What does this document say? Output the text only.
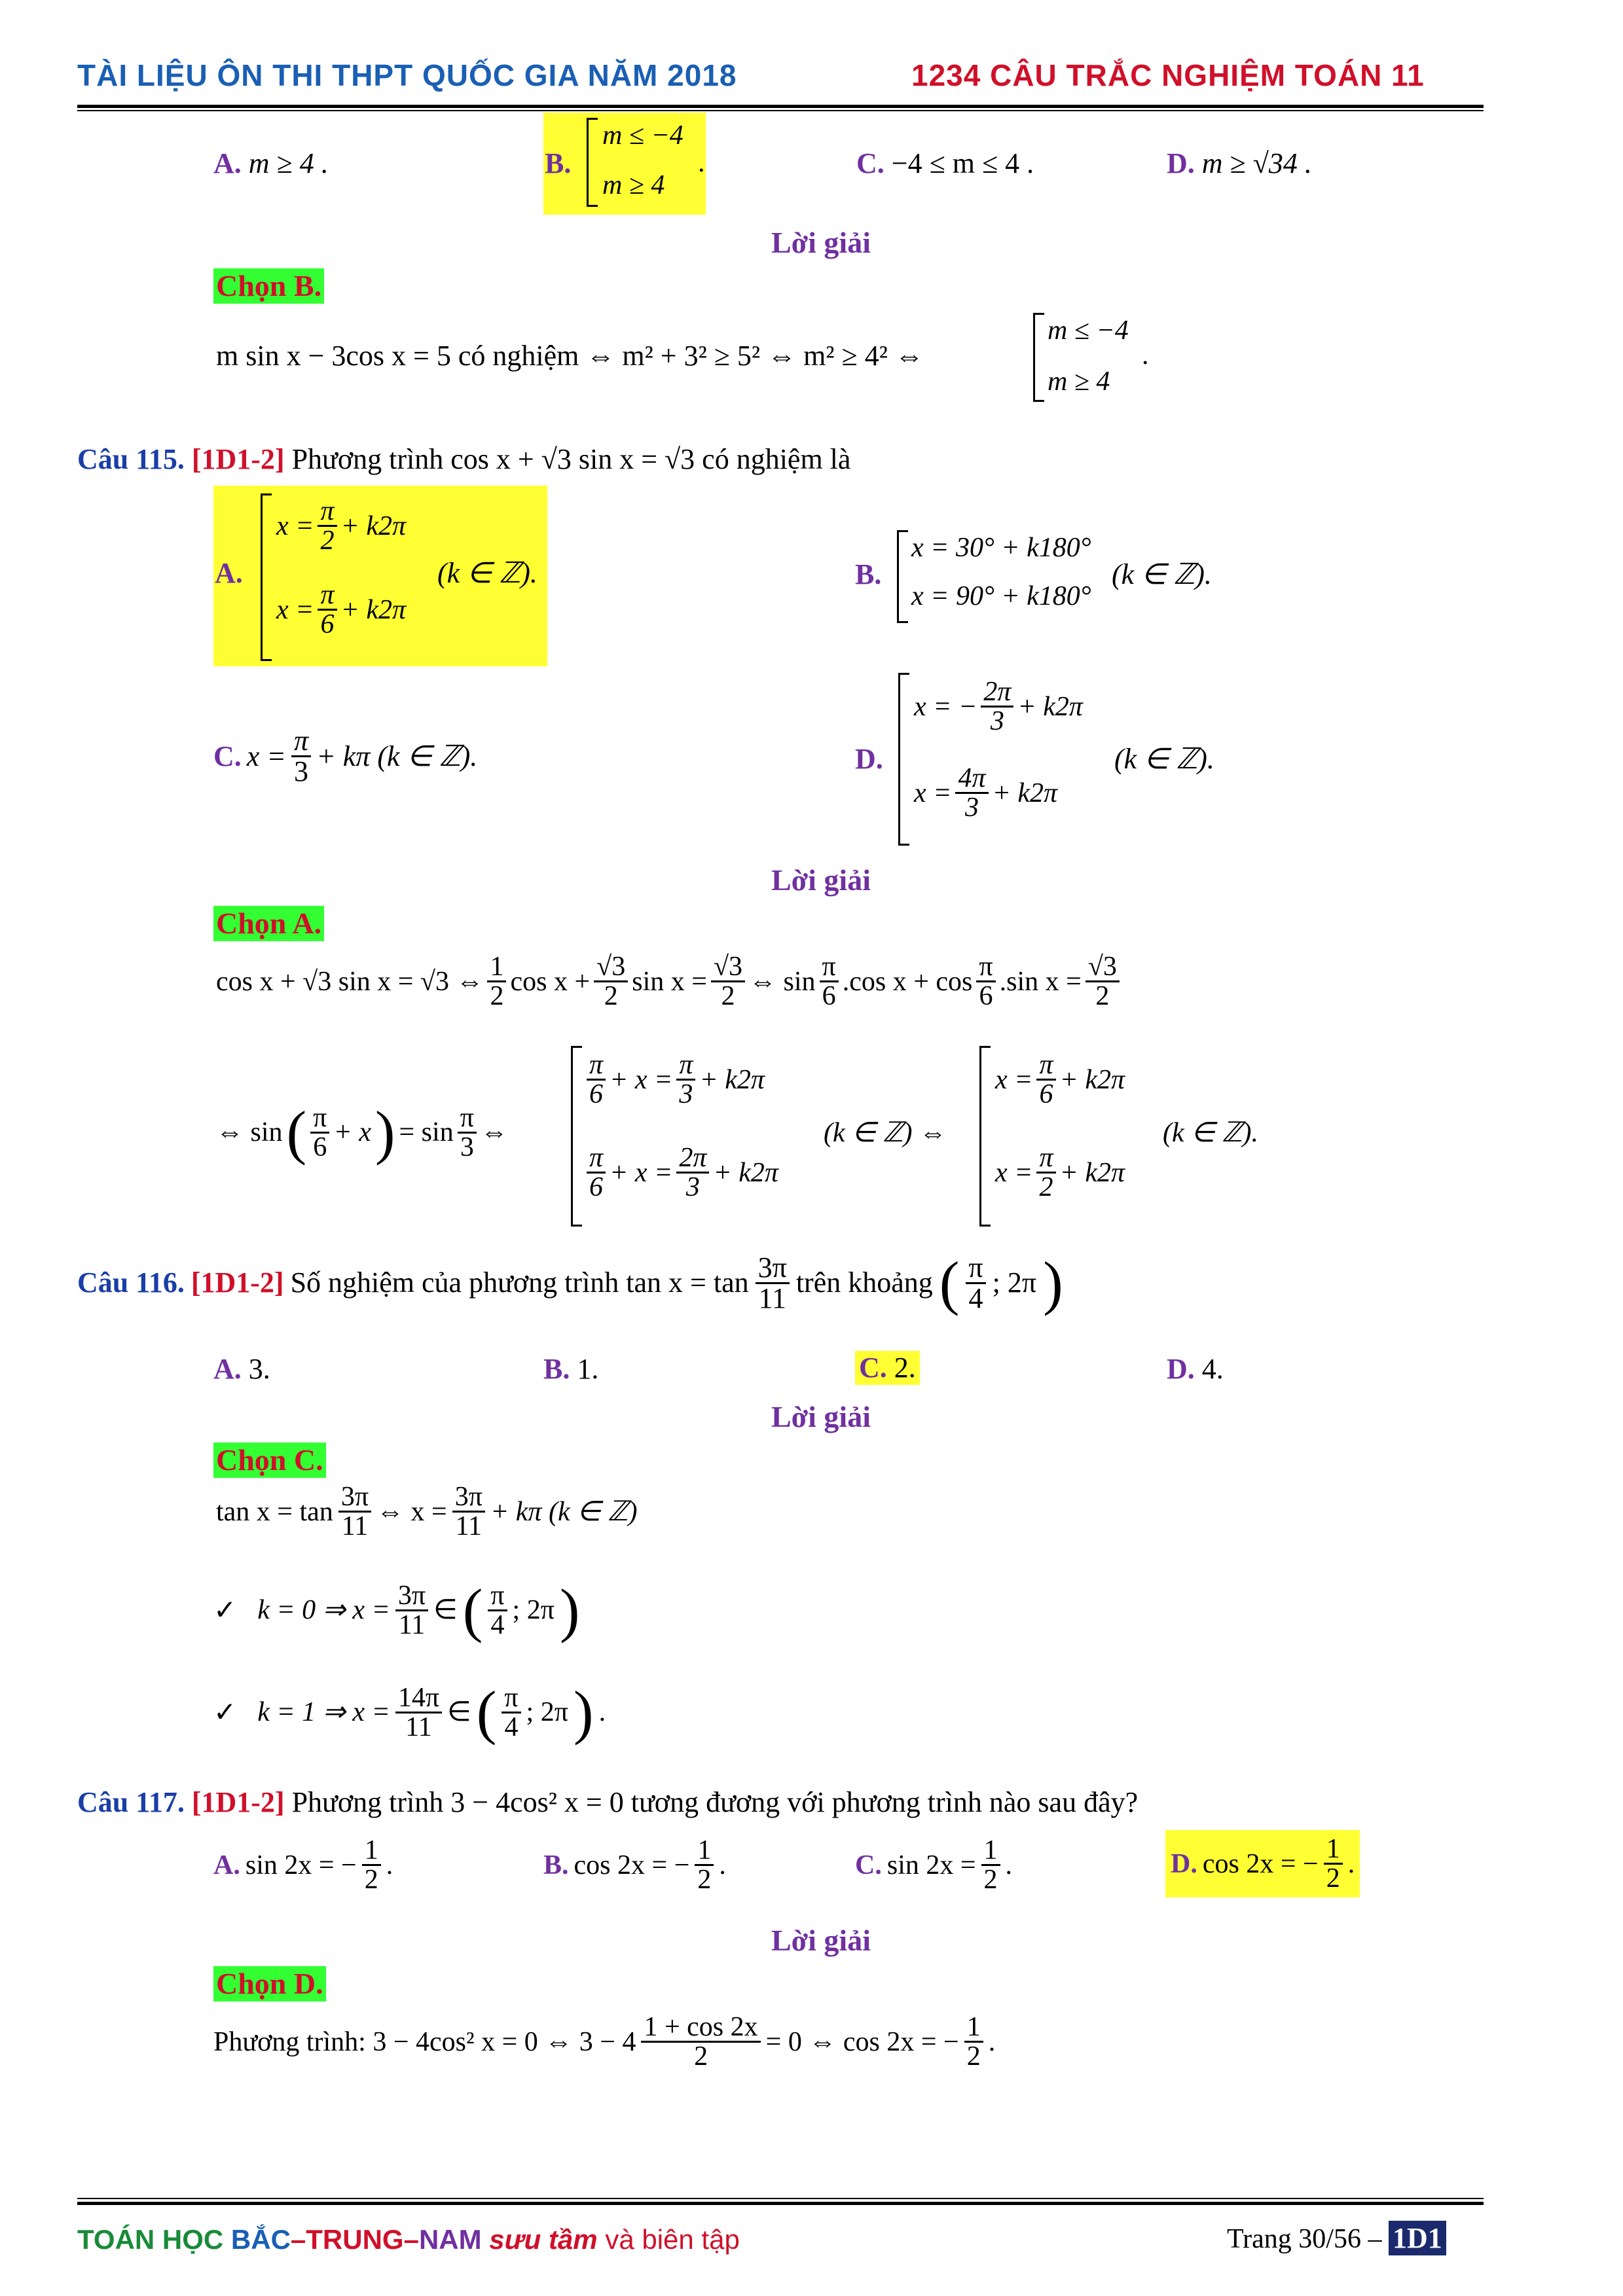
TÀI LIỆU ÔN THI THPT QUỐC GIA NĂM 2018	1234 CÂU TRẮC NGHIỆM TOÁN 11
A. m ≥ 4 .	B.
m ≤ −4
m ≥ 4
.	C. −4 ≤ m ≤ 4 .	D. m ≥ √34 .
Lời giải
Chọn B.
m sin x − 3cos x = 5 có nghiệm ⇔ m² + 3² ≥ 5² ⇔ m² ≥ 4² ⇔
m ≤ −4
m ≥ 4
.
Câu 115. [1D1-2] Phương trình cos x + √3 sin x = √3 có nghiệm là
A.
$x = \frac{\pi}{2} + k2\pi$
$x = \frac{\pi}{6} + k2\pi$
(k ∈ ℤ).	B.
x = 30° + k180°
x = 90° + k180°
(k ∈ ℤ).
C. $x = \frac{\pi}{3} + k\pi$ (k ∈ ℤ).	D.
x = − $\frac{2\pi}{3} + k2\pi$
$x = \frac{4\pi}{3} + k2\pi$
(k ∈ ℤ).
Lời giải
Chọn A.
cos x + √3 sin x = √3 ⇔ $\frac{1}{2}$ $\cos x + \frac{√3}{2}$ $\sin x = \frac{√3}{2}$ ⇔ $\sin \frac{\pi}{6} .\cos$ $x + \cos \frac{\pi}{6} .\sin$ $x = \frac{√3}{2}$
⇔ sin ( $\frac{\pi}{6} + x$ ) = $\sin \frac{\pi}{3}$ ⇔
$\frac{\pi}{6} + x = \frac{\pi}{3} + k2\pi$
$\frac{\pi}{6} + x = \frac{2\pi}{3} + k2\pi$
(k ∈ ℤ) ⇔
$x = \frac{\pi}{6} + k2\pi$
$x = \frac{\pi}{2} + k2\pi$
(k ∈ ℤ).
Câu 116. [1D1-2] Số nghiệm của phương trình $\tan x = \tan \frac{3\pi}{11}$ trên khoảng ( $\frac{\pi}{4}$ ; 2π )
A. 3.	B. 1.	C. 2.	D. 4.
Lời giải
Chọn C.
$\tan x = \tan \frac{3\pi}{11}$ ⇔ $x = \frac{3\pi}{11} + k\pi$ (k ∈ ℤ)
✓ k = 0 ⇒ $x = \frac{3\pi}{11}$ ∈ ( $\frac{\pi}{4}$ ; 2π )
✓ k = 1 ⇒ $x = \frac{14\pi}{11}$ ∈ ( $\frac{\pi}{4}$ ; 2π ) .
Câu 117. [1D1-2] Phương trình 3 − 4cos² x = 0 tương đương với phương trình nào sau đây?
A. sin 2x = − $\frac{1}{2}$ .	B. cos 2x = − $\frac{1}{2}$ .	C. $\sin 2x = \frac{1}{2}$ .	D. cos 2x = − $\frac{1}{2}$ .
Lời giải
Chọn D.
Phương trình: 3 − 4cos² x = 0 ⇔ $3 - 4 \frac{1 + \cos 2x}{2} = 0$ ⇔ cos 2x = − $\frac{1}{2}$ .
TOÁN HỌC BẮC–TRUNG–NAM sưu tầm và biên tập	Trang 30/56 – 1D1
